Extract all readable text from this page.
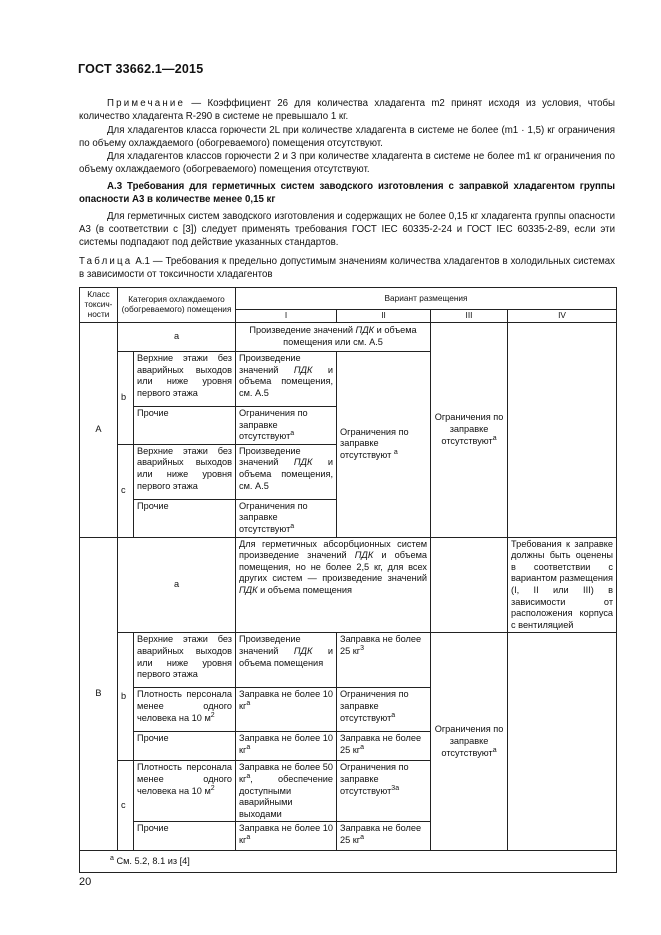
ГОСТ 33662.1—2015

Примечание — Коэффициент 26 для количества хладагента m2 принят исходя из условия, чтобы количество хладагента R-290 в системе не превышало 1 кг.

Для хладагентов класса горючести 2L при количестве хладагента в системе не более (m1 · 1,5) кг ограничения по объему охлаждаемого (обогреваемого) помещения отсутствуют.

Для хладагентов классов горючести 2 и 3 при количестве хладагента в системе не более m1 кг ограничения по объему охлаждаемого (обогреваемого) помещения отсутствуют.

А.3 Требования для герметичных систем заводского изготовления с заправкой хладагентом группы опасности А3 в количестве менее 0,15 кг

Для герметичных систем заводского изготовления и содержащих не более 0,15 кг хладагента группы опасности А3 (в соответствии с [3]) следует применять требования ГОСТ IEC 60335-2-24 и ГОСТ IEC 60335-2-89, если эти системы подпадают под действие указанных стандартов.

Таблица А.1 — Требования к предельно допустимым значениям количества хладагентов в холодильных системах в зависимости от токсичности хладагентов

Класс токсич-ности	Категория охлаждаемого (обогреваемого) помещения		Вариант размещения			
			I	II	III	IV
A	а		Произведение значений ПДК и объема помещения или см. А.5		Ограничения по заправке отсутствуют$^a$	
	b	Верхние этажи без аварийных выходов или ниже уровня первого этажа	Произведение значений ПДК и объема помещения, см. А.5	Ограничения по заправке отсутствуют $^a$
		Прочие	Ограничения по заправке отсутствуют$^a$
	с	Верхние этажи без аварийных выходов или ниже уровня первого этажа	Произведение значений ПДК и объема помещения, см. А.5			
		Прочие	Ограничения по заправке отсутствуют$^a$
В	а		Для герметичных абсорбционных систем произведение значений ПДК и объема помещения, но не более 2,5 кг, для всех других систем — произведение значений ПДК и объема помещения			Требования к заправке должны быть оценены в соответствии с вариантом размещения (I, II или III) в зависимости от расположения корпуса с вентиляцией
	b	Верхние этажи без аварийных выходов или ниже уровня первого этажа	Произведение значений ПДК и объема помещения	Заправка не более 25 $кг^3$	Ограничения по заправке отсутствуют$^a$	
		Плотность персонала менее одного человека на 10 $м^2$	Заправка не более 10 $кг^a$	Ограничения по заправке отсутствуют$^a$
		Прочие	Заправка не более 10 $кг^a$	Заправка не более 25 $кг^a$
	с	Плотность персонала менее одного человека на 10 $м^2$	Заправка не более 50 $кг^a$, обеспечение доступными аварийными выходами	Ограничения по заправке отсутствуют$^{3a}$
		Прочие	Заправка не более 10 $кг^a$	Заправка не более 25 $кг^a$
$^a$ См. 5.2, 8.1 из [4]						
20
